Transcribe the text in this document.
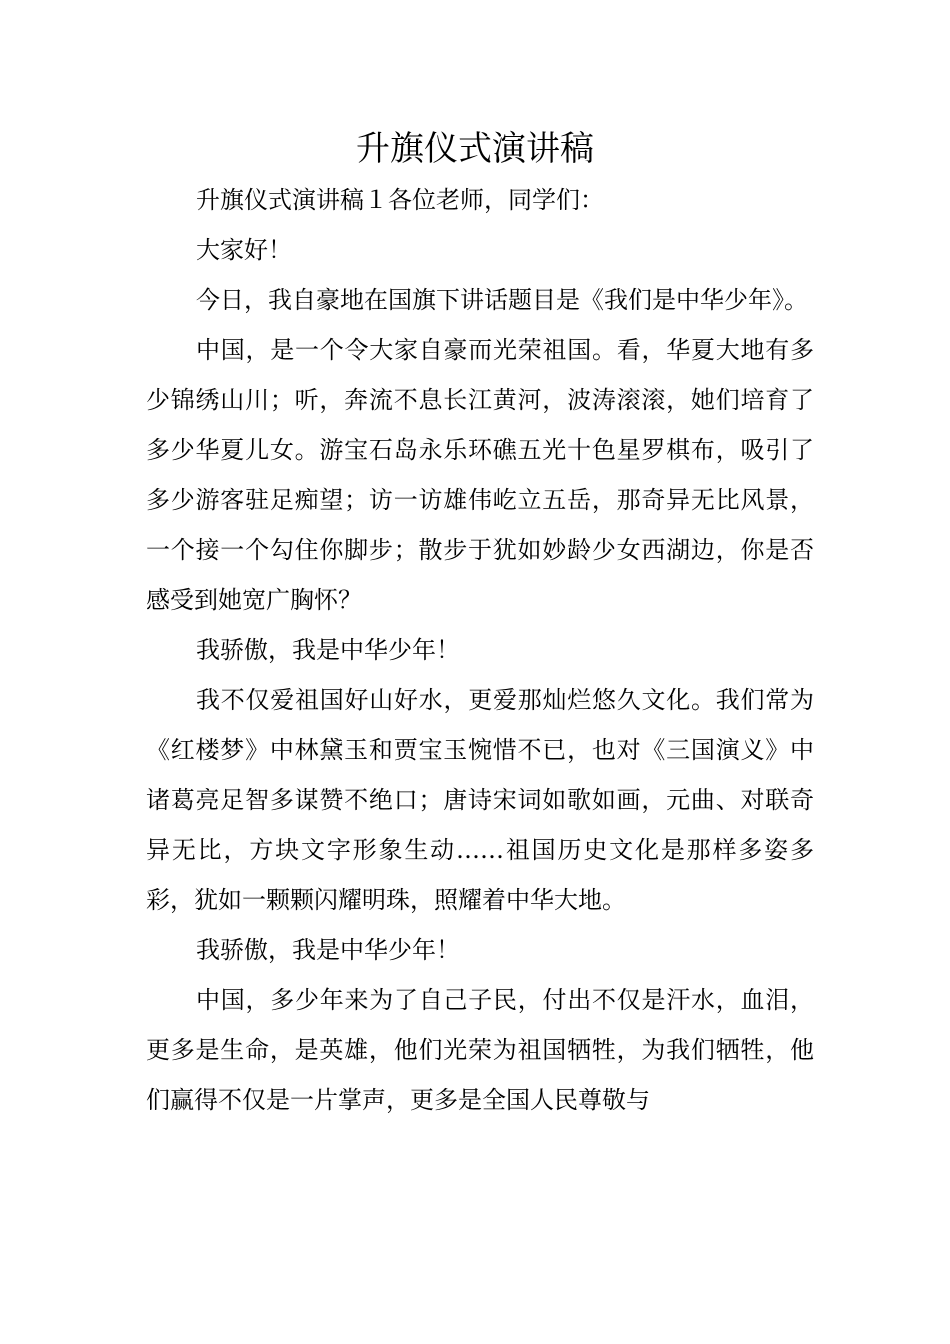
升旗仪式演讲稿

升旗仪式演讲稿１各位老师，同学们：

大家好！

今日，我自豪地在国旗下讲话题目是《我们是中华少年》。

中国，是一个令大家自豪而光荣祖国。看，华夏大地有多少锦绣山川；听，奔流不息长江黄河，波涛滚滚，她们培育了多少华夏儿女。游宝石岛永乐环礁五光十色星罗棋布，吸引了多少游客驻足痴望；访一访雄伟屹立五岳，那奇异无比风景，一个接一个勾住你脚步；散步于犹如妙龄少女西湖边，你是否感受到她宽广胸怀？

我骄傲，我是中华少年！

我不仅爱祖国好山好水，更爱那灿烂悠久文化。我们常为《红楼梦》中林黛玉和贾宝玉惋惜不已，也对《三国演义》中诸葛亮足智多谋赞不绝口；唐诗宋词如歌如画，元曲、对联奇异无比，方块文字形象生动……祖国历史文化是那样多姿多彩，犹如一颗颗闪耀明珠，照耀着中华大地。

我骄傲，我是中华少年！

中国，多少年来为了自己子民，付出不仅是汗水，血泪，更多是生命，是英雄，他们光荣为祖国牺牲，为我们牺牲，他们赢得不仅是一片掌声，更多是全国人民尊敬与
